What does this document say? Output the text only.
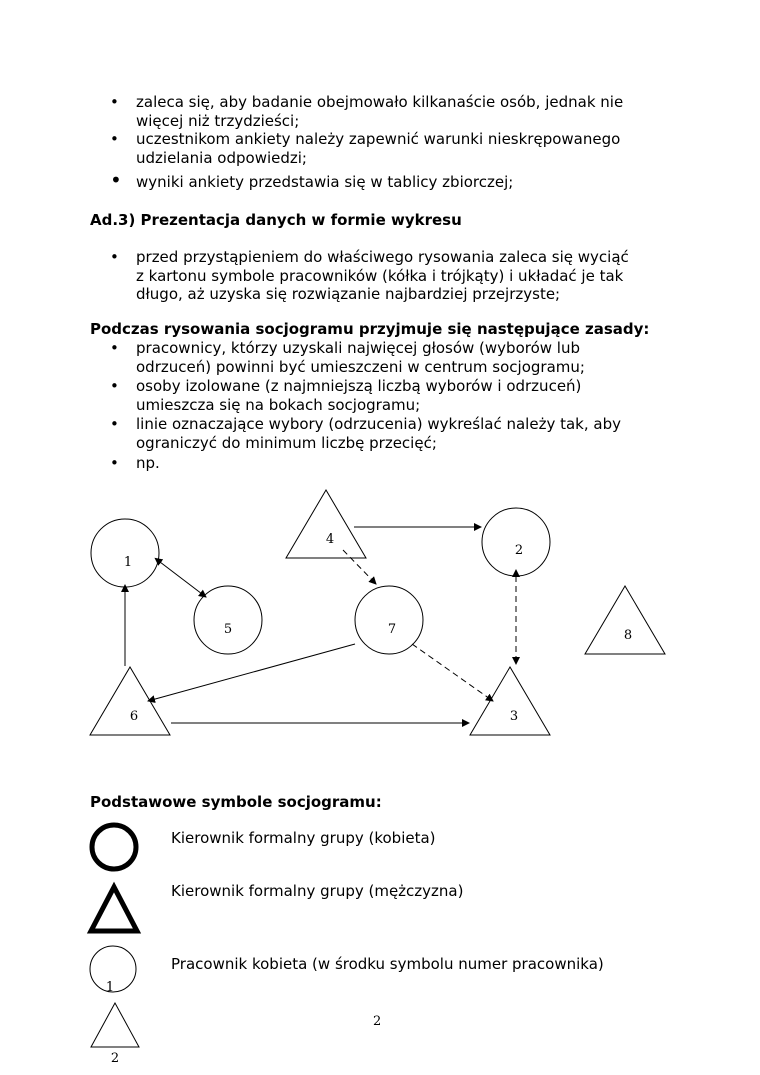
• zaleca się, aby badanie obejmowało kilkanaście osób, jednak nie
więcej niż trzydzieści;
• uczestnikom ankiety należy zapewnić warunki nieskrępowanego
udzielania odpowiedzi;
• wyniki ankiety przedstawia się w tablicy zbiorczej;
Ad.3) Prezentacja danych w formie wykresu
• przed przystąpieniem do właściwego rysowania zaleca się wyciąć
z kartonu symbole pracowników (kółka i trójkąty) i układać je tak
długo, aż uzyska się rozwiązanie najbardziej przejrzyste;
Podczas rysowania socjogramu przyjmuje się następujące zasady:
• pracownicy, którzy uzyskali najwięcej głosów (wyborów lub
odrzuceń) powinni być umieszczeni w centrum socjogramu;
• osoby izolowane (z najmniejszą liczbą wyborów i odrzuceń)
umieszcza się na bokach socjogramu;
• linie oznaczające wybory (odrzucenia) wykreślać należy tak, aby
ograniczyć do minimum liczbę przecięć;
• np.
1
2
3
4
5
6
7	8
Podstawowe symbole socjogramu:
1
2
Kierownik formalny grupy (kobieta)
Kierownik formalny grupy (mężczyzna)
Pracownik kobieta (w środku symbolu numer pracownika)
2
